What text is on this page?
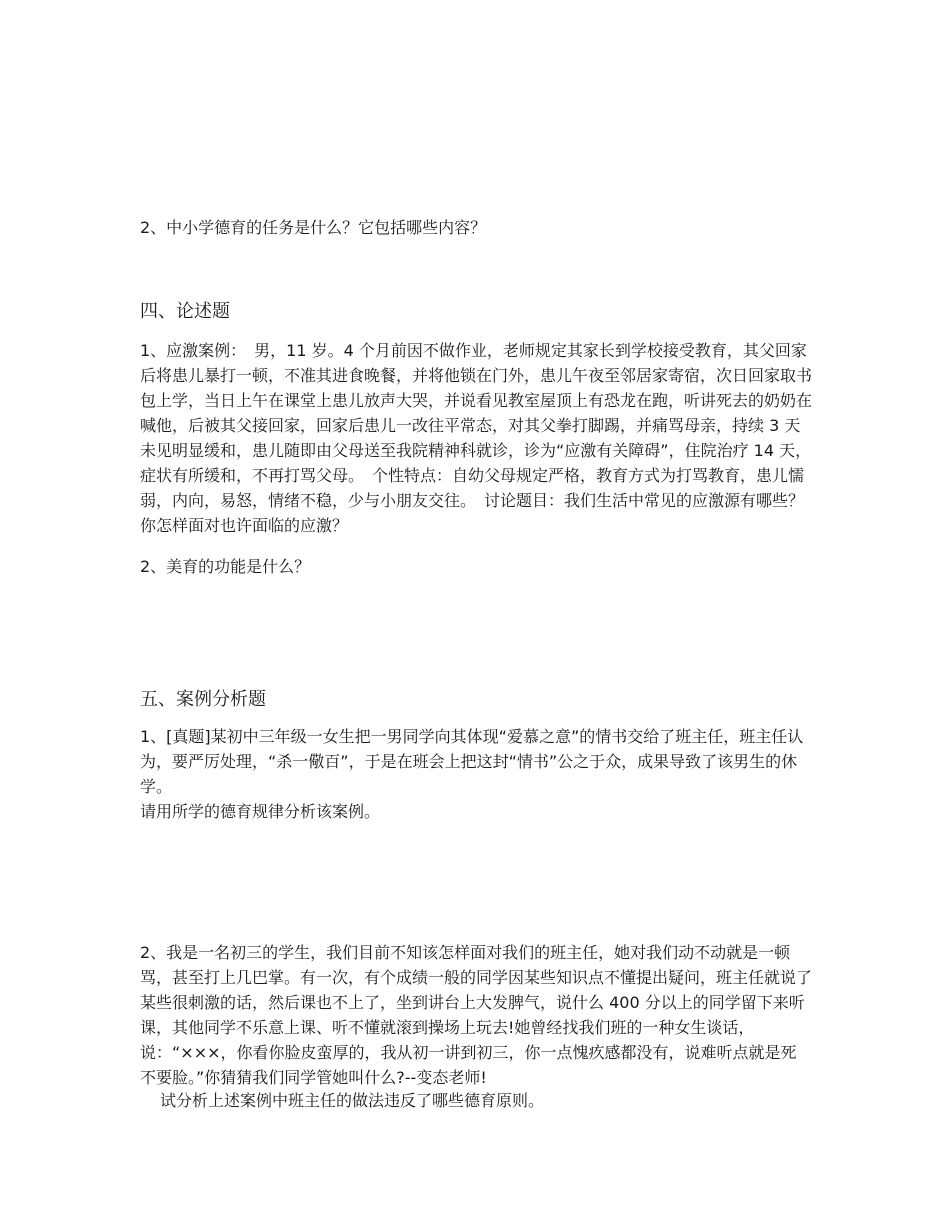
2、中小学德育的任务是什么？它包括哪些内容？

四、论述题

1、应激案例：　男，11 岁。4 个月前因不做作业，老师规定其家长到学校接受教育，其父回家后将患儿暴打一顿，不准其进食晚餐，并将他锁在门外，患儿午夜至邻居家寄宿，次日回家取书包上学，当日上午在课堂上患儿放声大哭，并说看见教室屋顶上有恐龙在跑，听讲死去的奶奶在喊他，后被其父接回家，回家后患儿一改往平常态，对其父拳打脚踢，并痛骂母亲，持续 3 天未见明显缓和，患儿随即由父母送至我院精神科就诊，诊为“应激有关障碍”，住院治疗 14 天，症状有所缓和，不再打骂父母。　个性特点：自幼父母规定严格，教育方式为打骂教育，患儿懦弱，内向，易怒，情绪不稳，少与小朋友交往。　讨论题目：我们生活中常见的应激源有哪些？你怎样面对也许面临的应激？

2、美育的功能是什么？

五、案例分析题

1、[真题]某初中三年级一女生把一男同学向其体现“爱慕之意”的情书交给了班主任，班主任认为，要严厉处理，“杀一儆百”，于是在班会上把这封“情书”公之于众，成果导致了该男生的休学。

请用所学的德育规律分析该案例。

2、我是一名初三的学生，我们目前不知该怎样面对我们的班主任，她对我们动不动就是一顿骂，甚至打上几巴掌。有一次，有个成绩一般的同学因某些知识点不懂提出疑问，班主任就说了某些很刺激的话，然后课也不上了，坐到讲台上大发脾气，说什么 400 分以上的同学留下来听课，其他同学不乐意上课、听不懂就滚到操场上玩去!她曾经找我们班的一种女生谈话，说：“×××，你看你脸皮蛮厚的，我从初一讲到初三，你一点愧疚感都没有，说难听点就是死不要脸。”你猜猜我们同学管她叫什么?--变态老师!

试分析上述案例中班主任的做法违反了哪些德育原则。
